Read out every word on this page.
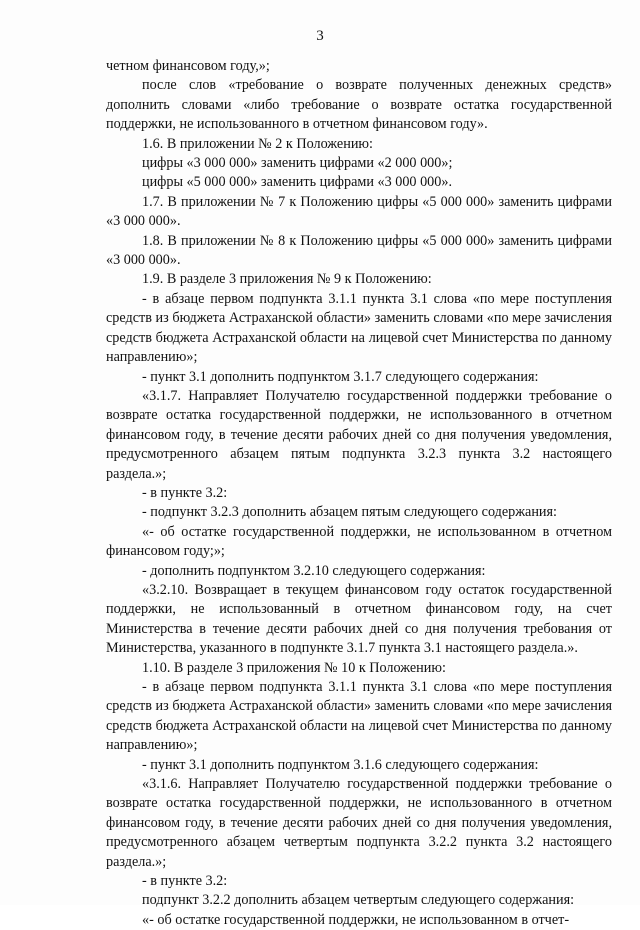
3

четном финансовом году,»;

после слов «требование о возврате полученных денежных средств» дополнить словами «либо требование о возврате остатка государственной поддержки, не использованного в отчетном финансовом году».

1.6. В приложении № 2 к Положению:

цифры «3 000 000» заменить цифрами «2 000 000»;

цифры «5 000 000» заменить цифрами «3 000 000».

1.7. В приложении № 7 к Положению цифры «5 000 000» заменить цифрами «3 000 000».

1.8. В приложении № 8 к Положению цифры «5 000 000» заменить цифрами «3 000 000».

1.9. В разделе 3 приложения № 9 к Положению:

- в абзаце первом подпункта 3.1.1 пункта 3.1 слова «по мере поступления средств из бюджета Астраханской области» заменить словами «по мере зачисления средств бюджета Астраханской области на лицевой счет Министерства по данному направлению»;

- пункт 3.1 дополнить подпунктом 3.1.7 следующего содержания:

«3.1.7. Направляет Получателю государственной поддержки требование о возврате остатка государственной поддержки, не использованного в отчетном финансовом году, в течение десяти рабочих дней со дня получения уведомления, предусмотренного абзацем пятым подпункта 3.2.3 пункта 3.2 настоящего раздела.»;

- в пункте 3.2:

- подпункт 3.2.3 дополнить абзацем пятым следующего содержания:

«- об остатке государственной поддержки, не использованном в отчетном финансовом году;»;

- дополнить подпунктом 3.2.10 следующего содержания:

«3.2.10. Возвращает в текущем финансовом году остаток государственной поддержки, не использованный в отчетном финансовом году, на счет Министерства в течение десяти рабочих дней со дня получения требования от Министерства, указанного в подпункте 3.1.7 пункта 3.1 настоящего раздела.».

1.10. В разделе 3 приложения № 10 к Положению:

- в абзаце первом подпункта 3.1.1 пункта 3.1 слова «по мере поступления средств из бюджета Астраханской области» заменить словами «по мере зачисления средств бюджета Астраханской области на лицевой счет Министерства по данному направлению»;

- пункт 3.1 дополнить подпунктом 3.1.6 следующего содержания:

«3.1.6. Направляет Получателю государственной поддержки требование о возврате остатка государственной поддержки, не использованного в отчетном финансовом году, в течение десяти рабочих дней со дня получения уведомления, предусмотренного абзацем четвертым подпункта 3.2.2 пункта 3.2 настоящего раздела.»;

- в пункте 3.2:

подпункт 3.2.2 дополнить абзацем четвертым следующего содержания:

«- об остатке государственной поддержки, не использованном в отчет-
